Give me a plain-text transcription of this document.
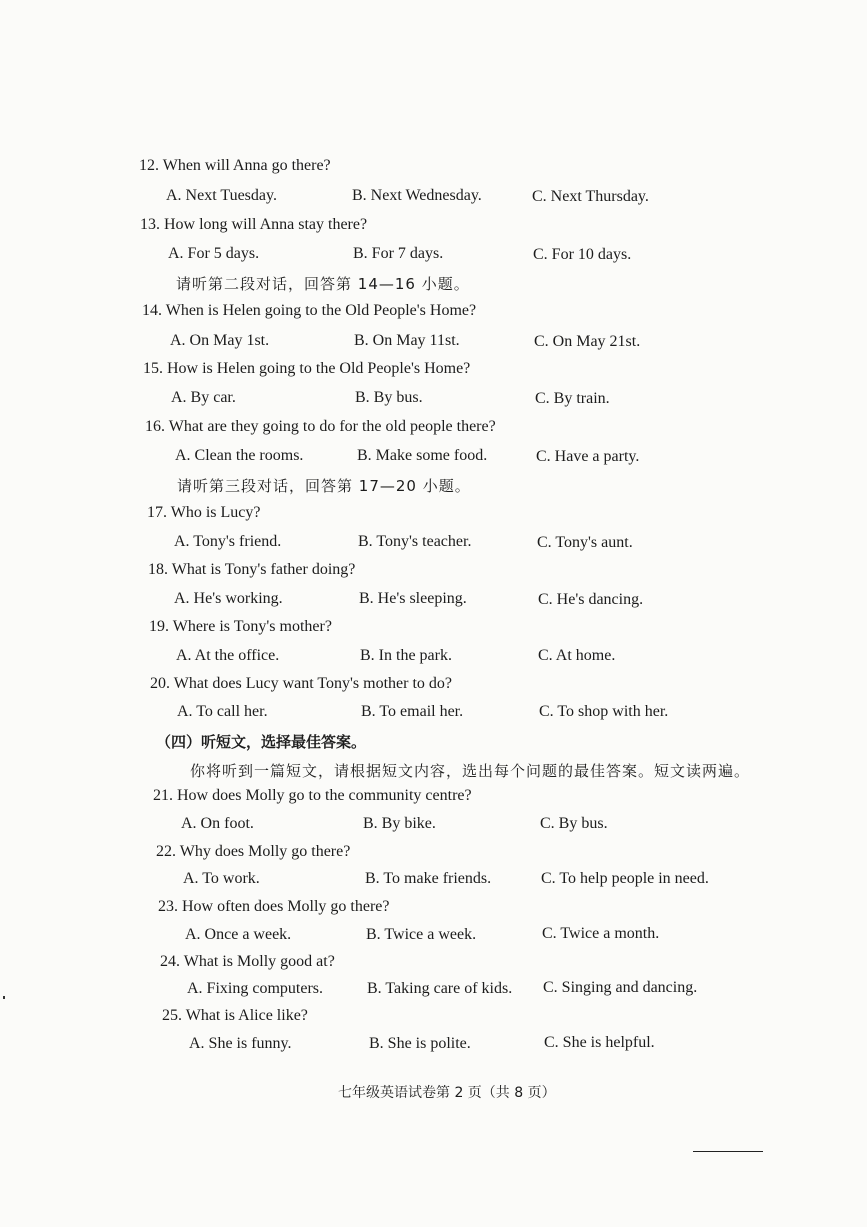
12. When will Anna go there?
A. Next Tuesday.	B. Next Wednesday.	C. Next Thursday.
13. How long will Anna stay there?
A. For 5 days.	B. For 7 days.	C. For 10 days.
请听第二段对话，回答第 14—16 小题。
14. When is Helen going to the Old People's Home?
A. On May 1st.	B. On May 11st.	C. On May 21st.
15. How is Helen going to the Old People's Home?
A. By car.	B. By bus.	C. By train.
16. What are they going to do for the old people there?
A. Clean the rooms.	B. Make some food.	C. Have a party.
请听第三段对话，回答第 17—20 小题。
17. Who is Lucy?
A. Tony's friend.	B. Tony's teacher.	C. Tony's aunt.
18. What is Tony's father doing?
A. He's working.	B. He's sleeping.	C. He's dancing.
19. Where is Tony's mother?
A. At the office.	B. In the park.	C. At home.
20. What does Lucy want Tony's mother to do?
A. To call her.	B. To email her.	C. To shop with her.
（四）听短文，选择最佳答案。
你将听到一篇短文，请根据短文内容，选出每个问题的最佳答案。短文读两遍。
21. How does Molly go to the community centre?
A. On foot.	B. By bike.	C. By bus.
22. Why does Molly go there?
A. To work.	B. To make friends.	C. To help people in need.
23. How often does Molly go there?
A. Once a week.	B. Twice a week.	C. Twice a month.
24. What is Molly good at?
A. Fixing computers.	B. Taking care of kids. C. Singing and dancing.
25. What is Alice like?
A. She is funny.	B. She is polite.	C. She is helpful.
七年级英语试卷第 2 页（共 8 页）
